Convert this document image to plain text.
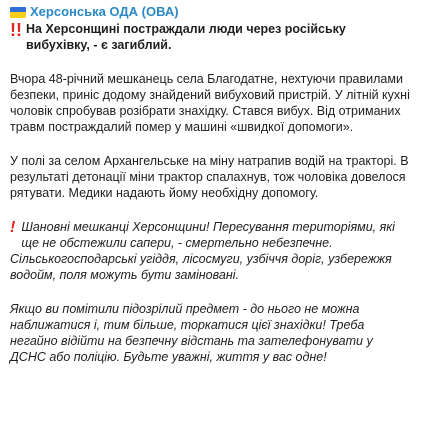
Херсонська ОДА (ОВА)
!! На Херсонщині постраждали люди через російську вибухівку, - є загиблий.
Вчора 48-річний мешканець села Благодатне, нехтуючи правилами безпеки, приніс додому знайдений вибуховий пристрій. У літній кухні чоловік спробував розібрати знахідку. Стався вибух. Від отриманих травм постраждалий помер у машині «швидкої допомоги».
У полі за селом Архангельське на міну натрапив водій на тракторі. В результаті детонації міни трактор спалахнув, тож чоловіка довелося рятувати. Медики надають йому необхідну допомогу.
! Шановні мешканці Херсонщини! Пересування територіями, які ще не обстежили сапери, - смертельно небезпечне.
Сільськогосподарські угіддя, лісосмуги, узбіччя доріг, узбережжя водойм, поля можуть бути заміновані.
Якщо ви помітили підозрілий предмет - до нього не можна наближатися і, тим більше, торкатися цієї знахідки! Треба негайно відійти на безпечну відстань та зателефонувати у ДСНС або поліцію. Будьте уважні, життя у вас одне!
